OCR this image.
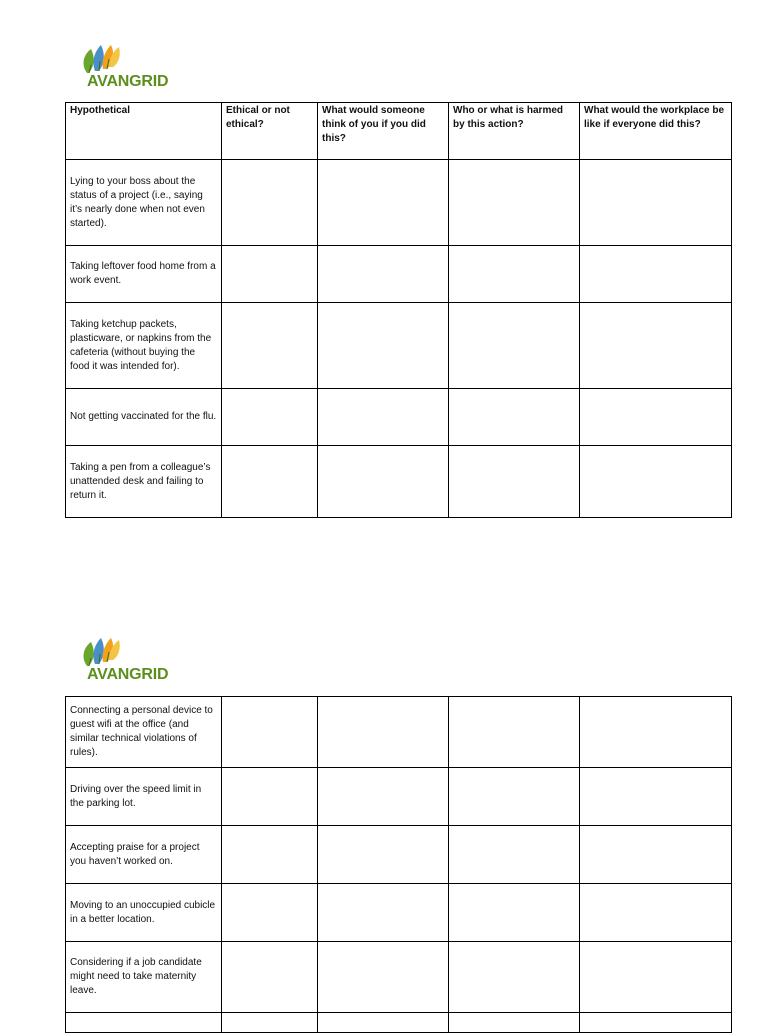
AVANGRID
Hypothetical	Ethical or not ethical?	What would someone think of you if you did this?	Who or what is harmed by this action?	What would the workplace be like if everyone did this?
Lying to your boss about the status of a project (i.e., saying it’s nearly done when not even started).				
Taking leftover food home from a work event.				
Taking ketchup packets, plasticware, or napkins from the cafeteria (without buying the food it was intended for).				
Not getting vaccinated for the flu.				
Taking a pen from a colleague’s unattended desk and failing to return it.				
AVANGRID
Connecting a personal device to guest wifi at the office (and similar technical violations of rules).				
Driving over the speed limit in the parking lot.				
Accepting praise for a project you haven’t worked on.				
Moving to an unoccupied cubicle in a better location.				
Considering if a job candidate might need to take maternity leave.				
